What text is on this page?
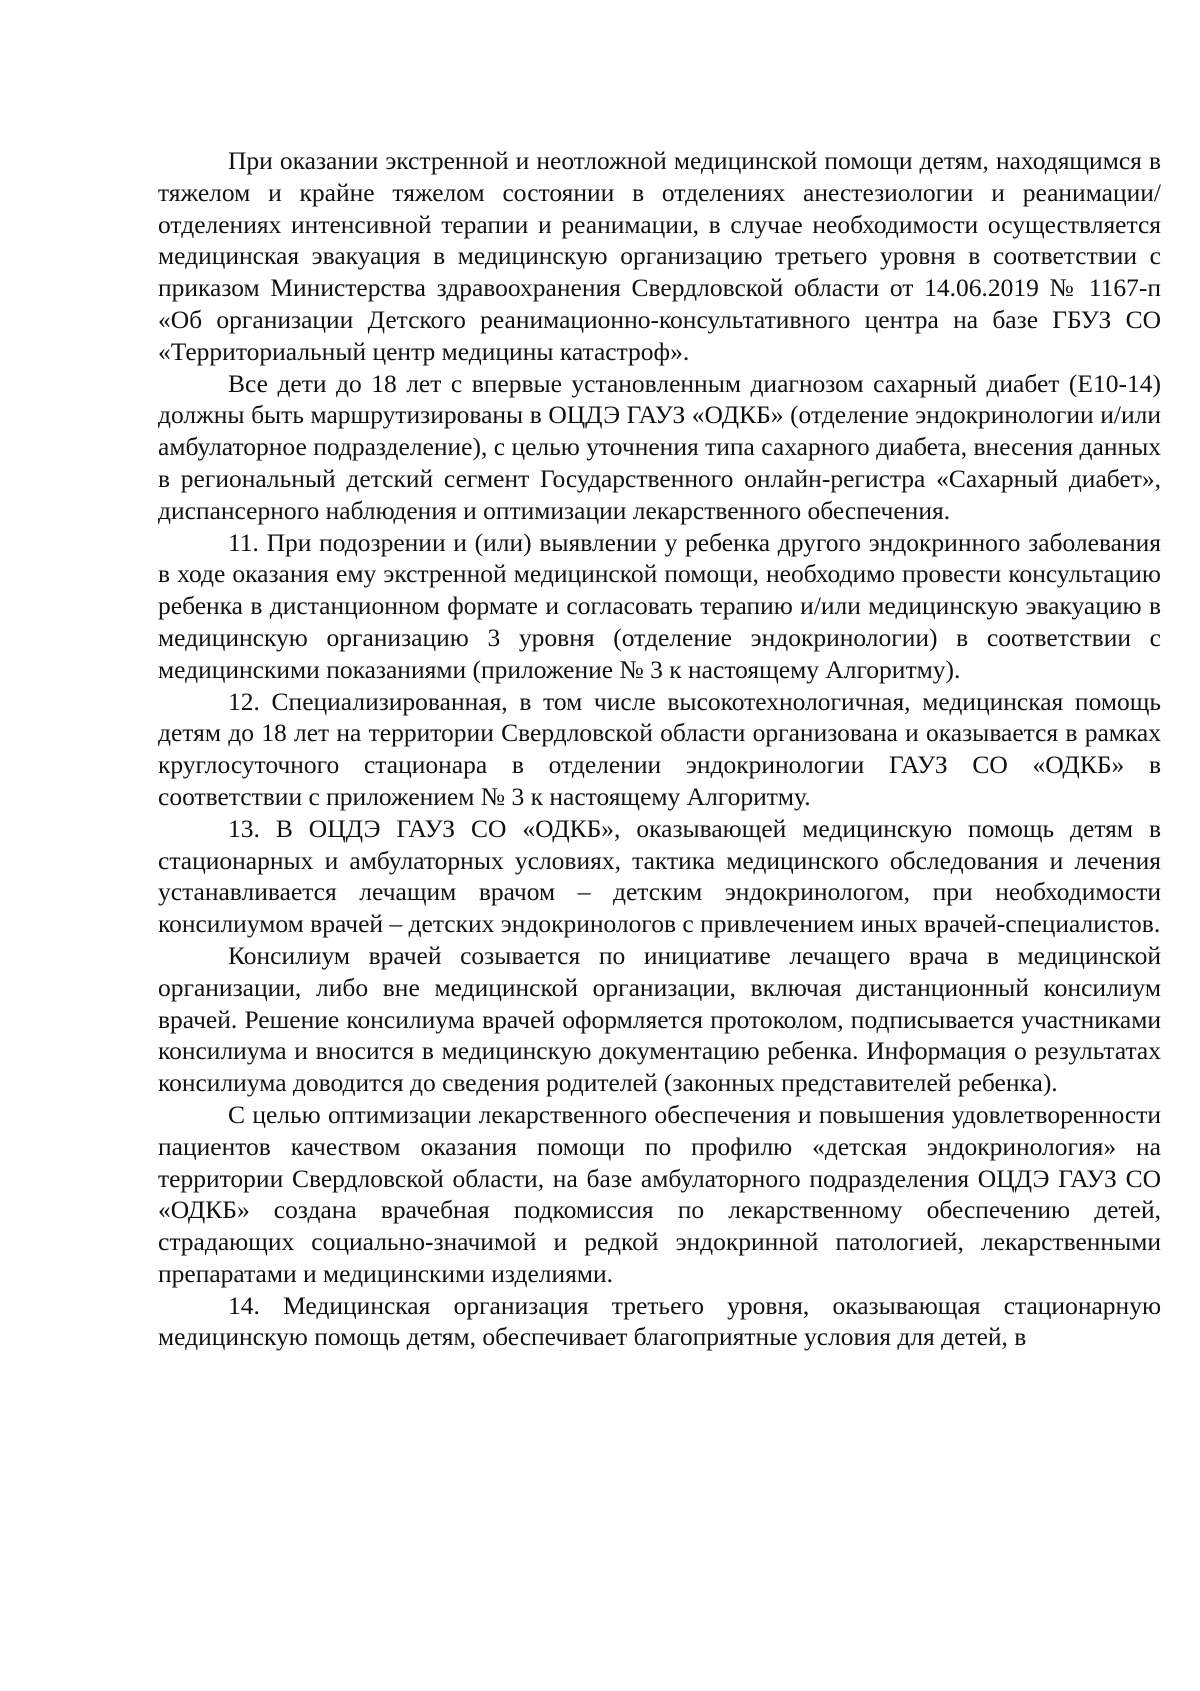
При оказании экстренной и неотложной медицинской помощи детям, находящимся в тяжелом и крайне тяжелом состоянии в отделениях анестезиологии и реанимации/отделениях интенсивной терапии и реанимации, в случае необходимости осуществляется медицинская эвакуация в медицинскую организацию третьего уровня в соответствии с приказом Министерства здравоохранения Свердловской области от 14.06.2019 № 1167-п «Об организации Детского реанимационно-консультативного центра на базе ГБУЗ СО «Территориальный центр медицины катастроф».

Все дети до 18 лет с впервые установленным диагнозом сахарный диабет (Е10-14) должны быть маршрутизированы в ОЦДЭ ГАУЗ «ОДКБ» (отделение эндокринологии и/или амбулаторное подразделение), с целью уточнения типа сахарного диабета, внесения данных в региональный детский сегмент Государственного онлайн-регистра «Сахарный диабет», диспансерного наблюдения и оптимизации лекарственного обеспечения.

11. При подозрении и (или) выявлении у ребенка другого эндокринного заболевания в ходе оказания ему экстренной медицинской помощи, необходимо провести консультацию ребенка в дистанционном формате и согласовать терапию и/или медицинскую эвакуацию в медицинскую организацию 3 уровня (отделение эндокринологии) в соответствии с медицинскими показаниями (приложение № 3 к настоящему Алгоритму).

12. Специализированная, в том числе высокотехнологичная, медицинская помощь детям до 18 лет на территории Свердловской области организована и оказывается в рамках круглосуточного стационара в отделении эндокринологии ГАУЗ СО «ОДКБ» в соответствии с приложением № 3 к настоящему Алгоритму.

13. В ОЦДЭ ГАУЗ СО «ОДКБ», оказывающей медицинскую помощь детям в стационарных и амбулаторных условиях, тактика медицинского обследования и лечения устанавливается лечащим врачом – детским эндокринологом, при необходимости консилиумом врачей – детских эндокринологов с привлечением иных врачей-специалистов.

Консилиум врачей созывается по инициативе лечащего врача в медицинской организации, либо вне медицинской организации, включая дистанционный консилиум врачей. Решение консилиума врачей оформляется протоколом, подписывается участниками консилиума и вносится в медицинскую документацию ребенка. Информация о результатах консилиума доводится до сведения родителей (законных представителей ребенка).

С целью оптимизации лекарственного обеспечения и повышения удовлетворенности пациентов качеством оказания помощи по профилю «детская эндокринология» на территории Свердловской области, на базе амбулаторного подразделения ОЦДЭ ГАУЗ СО «ОДКБ» создана врачебная подкомиссия по лекарственному обеспечению детей, страдающих социально-значимой и редкой эндокринной патологией, лекарственными препаратами и медицинскими изделиями.

14. Медицинская организация третьего уровня, оказывающая стационарную медицинскую помощь детям, обеспечивает благоприятные условия для детей, в
